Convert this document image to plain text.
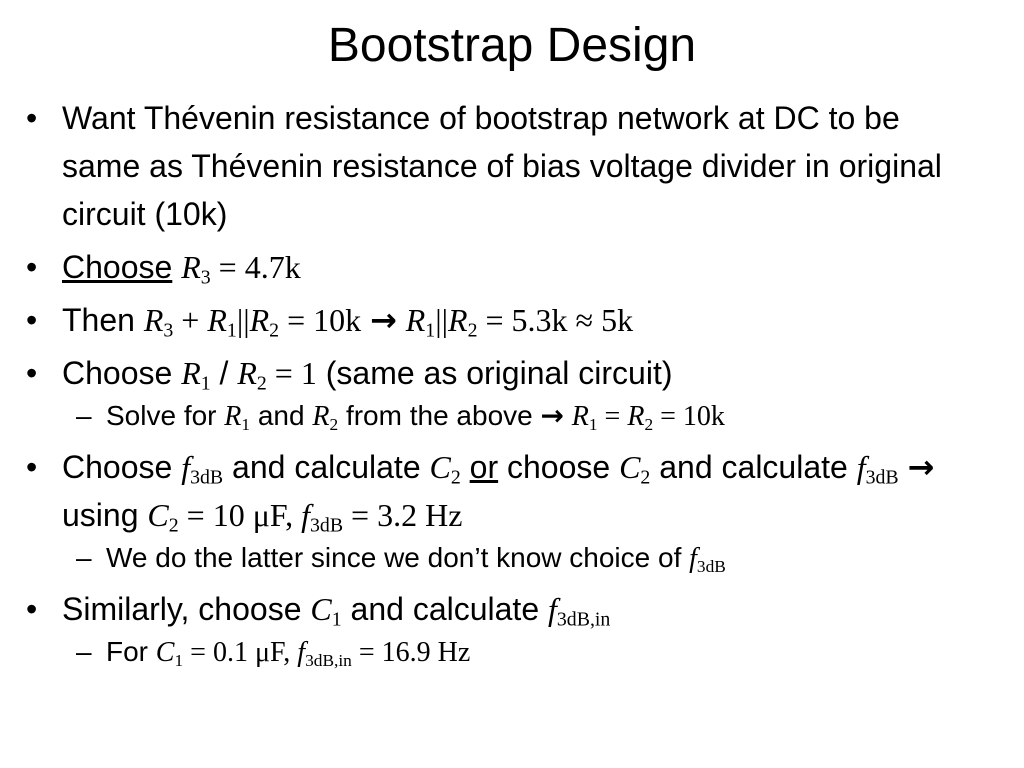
Bootstrap Design
• Want Thévenin resistance of bootstrap network at DC to be same as Thévenin resistance of bias voltage divider in original circuit (10k)
• Choose $R_3 = 4.7k$
• Then $R_3 + R_1||R_2 = 10k \to R_1||R_2 = 5.3k \approx 5k$
• Choose $R_1 / R_2 = 1$ (same as original circuit)
– Solve for $R_1$ and $R_2$ from the above → $R_1 = R_2 = 10k$
• Choose $f_{3dB}$ and calculate $C_2$ or choose $C_2$ and calculate $f_{3dB} \to using$ $C_2 = 10$ μF, $f_{3dB} = 3.2$ Hz
– We do the latter since we don’t know choice of $f_{3dB}$
• Similarly, choose $C_1$ and calculate $f_{3dB,in}$
– For $C_1 = 0.1$ μF, $f_{3dB,in} = 16.9$ Hz
